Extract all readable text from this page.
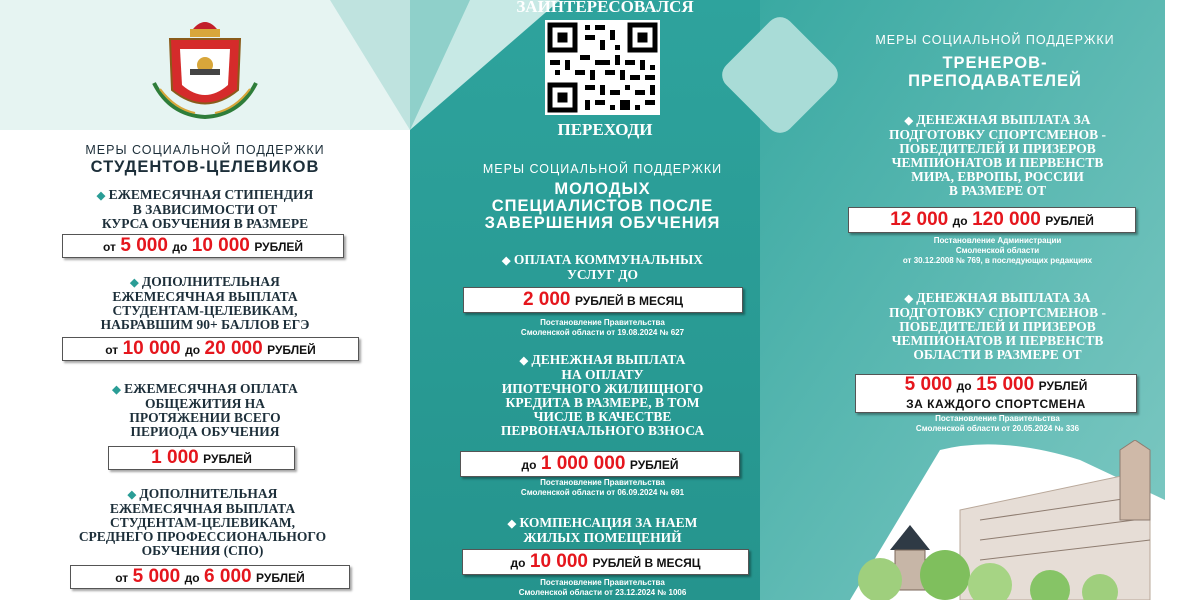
ЗАИНТЕРЕСОВАЛСЯ
ПЕРЕХОДИ
МЕРЫ СОЦИАЛЬНОЙ ПОДДЕРЖКИ
СТУДЕНТОВ-ЦЕЛЕВИКОВ
◆ ЕЖЕМЕСЯЧНАЯ СТИПЕНДИЯ
В ЗАВИСИМОСТИ ОТ
КУРСА ОБУЧЕНИЯ В РАЗМЕРЕ
от 5 000 до 10 000 РУБЛЕЙ
◆ ДОПОЛНИТЕЛЬНАЯ
ЕЖЕМЕСЯЧНАЯ ВЫПЛАТА
СТУДЕНТАМ-ЦЕЛЕВИКАМ,
НАБРАВШИМ 90+ БАЛЛОВ ЕГЭ
от 10 000 до 20 000 РУБЛЕЙ
◆ ЕЖЕМЕСЯЧНАЯ ОПЛАТА
ОБЩЕЖИТИЯ НА
ПРОТЯЖЕНИИ ВСЕГО
ПЕРИОДА ОБУЧЕНИЯ
1 000 РУБЛЕЙ
◆ ДОПОЛНИТЕЛЬНАЯ
ЕЖЕМЕСЯЧНАЯ ВЫПЛАТА
СТУДЕНТАМ-ЦЕЛЕВИКАМ,
СРЕДНЕГО ПРОФЕССИОНАЛЬНОГО
ОБУЧЕНИЯ (СПО)
от 5 000 до 6 000 РУБЛЕЙ
МЕРЫ СОЦИАЛЬНОЙ ПОДДЕРЖКИ
МОЛОДЫХ
СПЕЦИАЛИСТОВ ПОСЛЕ
ЗАВЕРШЕНИЯ ОБУЧЕНИЯ
◆ ОПЛАТА КОММУНАЛЬНЫХ
УСЛУГ ДО
2 000 РУБЛЕЙ В МЕСЯЦ
Постановление Правительства
Смоленской области от 19.08.2024 № 627
◆ ДЕНЕЖНАЯ ВЫПЛАТА
НА ОПЛАТУ
ИПОТЕЧНОГО ЖИЛИЩНОГО
КРЕДИТА В РАЗМЕРЕ, В ТОМ
ЧИСЛЕ В КАЧЕСТВЕ
ПЕРВОНАЧАЛЬНОГО ВЗНОСА
до 1 000 000 РУБЛЕЙ
Постановление Правительства
Смоленской области от 06.09.2024 № 691
◆ КОМПЕНСАЦИЯ ЗА НАЕМ
ЖИЛЫХ ПОМЕЩЕНИЙ
до 10 000 РУБЛЕЙ В МЕСЯЦ
Постановление Правительства
Смоленской области от 23.12.2024 № 1006
МЕРЫ СОЦИАЛЬНОЙ ПОДДЕРЖКИ
ТРЕНЕРОВ-
ПРЕПОДАВАТЕЛЕЙ
◆ ДЕНЕЖНАЯ ВЫПЛАТА ЗА
ПОДГОТОВКУ СПОРТСМЕНОВ -
ПОБЕДИТЕЛЕЙ И ПРИЗЕРОВ
ЧЕМПИОНАТОВ И ПЕРВЕНСТВ
МИРА, ЕВРОПЫ, РОССИИ
В РАЗМЕРЕ ОТ
12 000 до 120 000 РУБЛЕЙ
Постановление Администрации
Смоленской области
от 30.12.2008 № 769, в последующих редакциях
◆ ДЕНЕЖНАЯ ВЫПЛАТА ЗА
ПОДГОТОВКУ СПОРТСМЕНОВ -
ПОБЕДИТЕЛЕЙ И ПРИЗЕРОВ
ЧЕМПИОНАТОВ И ПЕРВЕНСТВ
ОБЛАСТИ В РАЗМЕРЕ ОТ
5 000 до 15 000 РУБЛЕЙ
ЗА КАЖДОГО СПОРТСМЕНА
Постановление Правительства
Смоленской области от 20.05.2024 № 336
